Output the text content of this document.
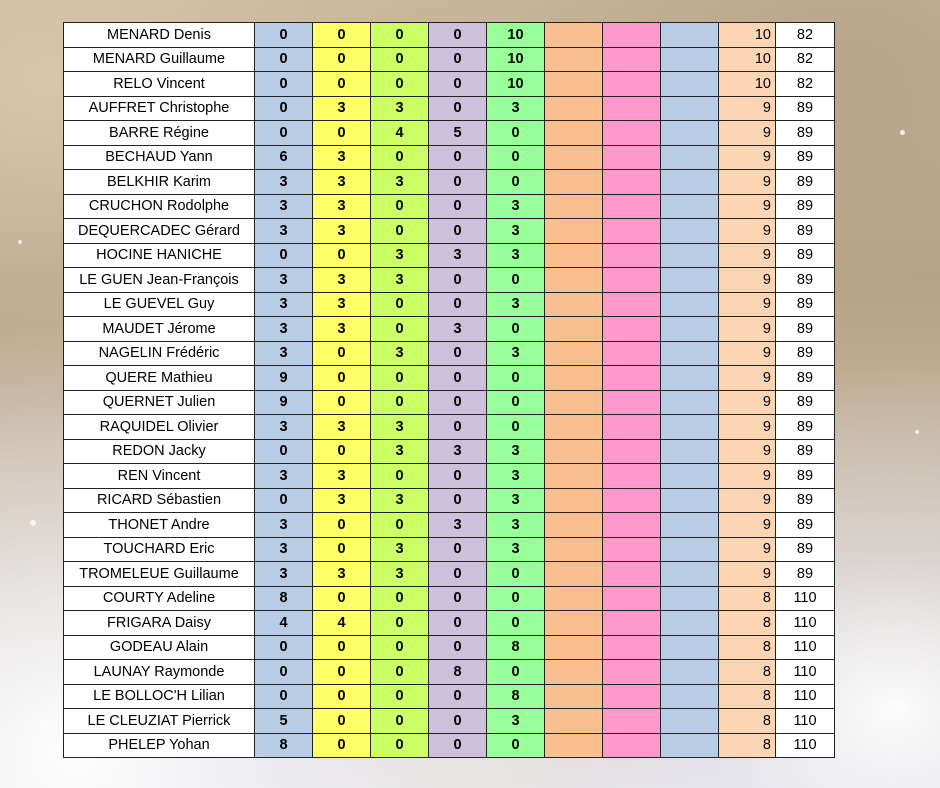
MENARD Denis	0	0	0	0	10				10	82
MENARD Guillaume	0	0	0	0	10				10	82
RELO Vincent	0	0	0	0	10				10	82
AUFFRET Christophe	0	3	3	0	3				9	89
BARRE Régine	0	0	4	5	0				9	89
BECHAUD Yann	6	3	0	0	0				9	89
BELKHIR Karim	3	3	3	0	0				9	89
CRUCHON Rodolphe	3	3	0	0	3				9	89
DEQUERCADEC Gérard	3	3	0	0	3				9	89
HOCINE HANICHE	0	0	3	3	3				9	89
LE GUEN Jean-François	3	3	3	0	0				9	89
LE GUEVEL Guy	3	3	0	0	3				9	89
MAUDET Jérome	3	3	0	3	0				9	89
NAGELIN Frédéric	3	0	3	0	3				9	89
QUERE Mathieu	9	0	0	0	0				9	89
QUERNET Julien	9	0	0	0	0				9	89
RAQUIDEL Olivier	3	3	3	0	0				9	89
REDON Jacky	0	0	3	3	3				9	89
REN Vincent	3	3	0	0	3				9	89
RICARD Sébastien	0	3	3	0	3				9	89
THONET Andre	3	0	0	3	3				9	89
TOUCHARD Eric	3	0	3	0	3				9	89
TROMELEUE Guillaume	3	3	3	0	0				9	89
COURTY Adeline	8	0	0	0	0				8	110
FRIGARA Daisy	4	4	0	0	0				8	110
GODEAU Alain	0	0	0	0	8				8	110
LAUNAY Raymonde	0	0	0	8	0				8	110
LE BOLLOC'H Lilian	0	0	0	0	8				8	110
LE CLEUZIAT Pierrick	5	0	0	0	3				8	110
PHELEP Yohan	8	0	0	0	0				8	110
